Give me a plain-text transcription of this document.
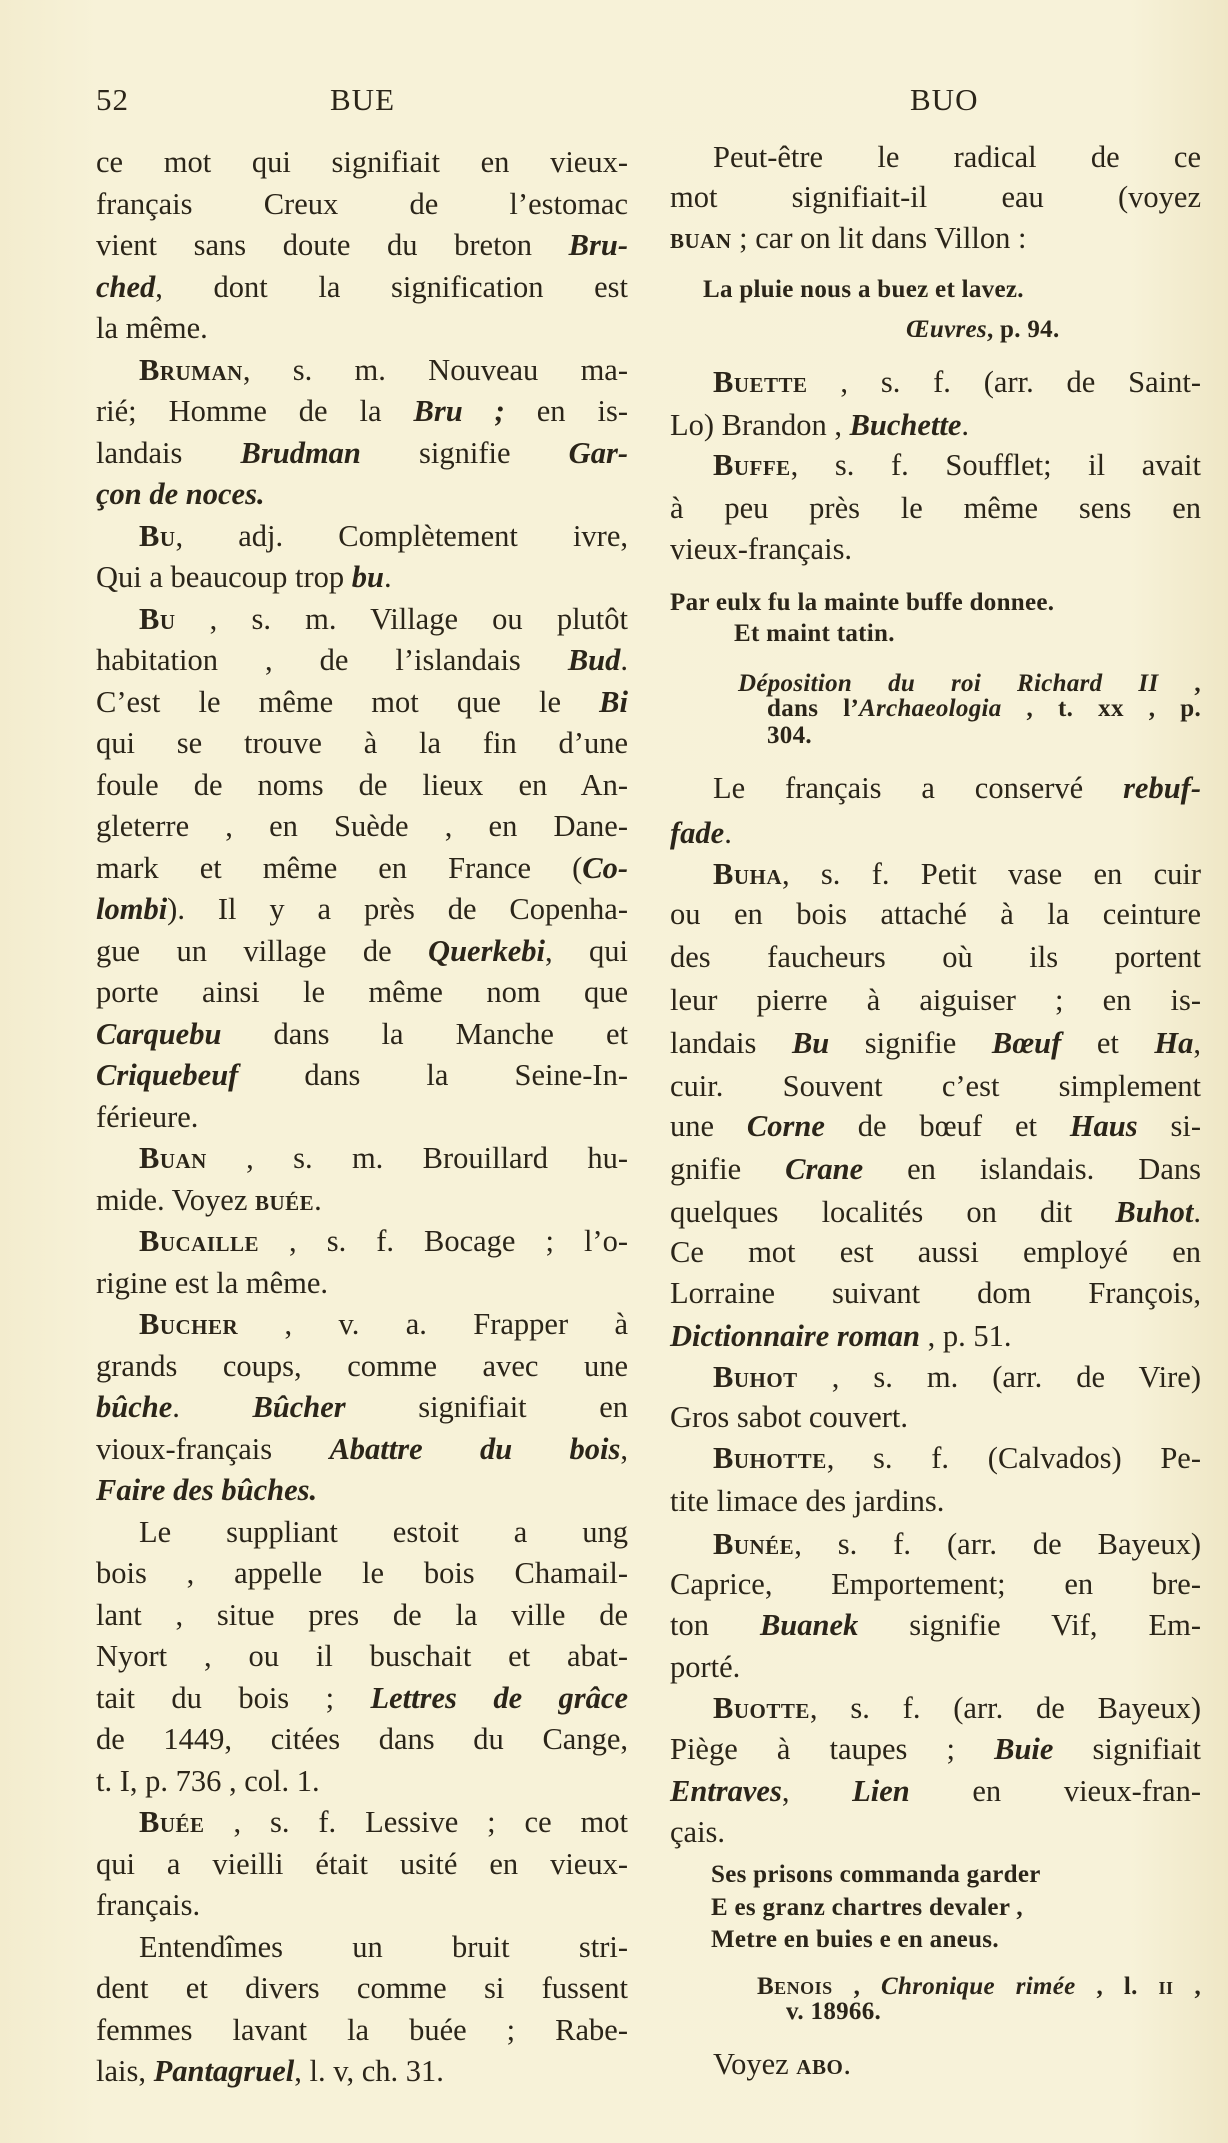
52	BUE	BUO
ce mot qui signifiait en vieux-
français Creux de l’estomac
vient sans doute du breton Bru-
ched, dont la signification est
la même.
Bruman, s. m. Nouveau ma-
rié; Homme de la Bru ; en is-
landais Brudman signifie Gar-
çon de noces.
Bu, adj. Complètement ivre,
Qui a beaucoup trop bu.
Bu , s. m. Village ou plutôt
habitation , de l’islandais Bud.
C’est le même mot que le Bi
qui se trouve à la fin d’une
foule de noms de lieux en An-
gleterre , en Suède , en Dane-
mark et même en France (Co-
lombi). Il y a près de Copenha-
gue un village de Querkebi, qui
porte ainsi le même nom que
Carquebu dans la Manche et
Criquebeuf dans la Seine-In-
férieure.
Buan , s. m. Brouillard hu-
mide. Voyez buée.
Bucaille , s. f. Bocage ; l’o-
rigine est la même.
Bucher , v. a. Frapper à
grands coups, comme avec une
bûche. Bûcher signifiait en
vioux-français Abattre du bois,
Faire des bûches.
Le suppliant estoit a ung
bois , appelle le bois Chamail-
lant , situe pres de la ville de
Nyort , ou il buschait et abat-
tait du bois ; Lettres de grâce
de 1449, citées dans du Cange,
t. I, p. 736 , col. 1.
Buée , s. f. Lessive ; ce mot
qui a vieilli était usité en vieux-
français.
Entendîmes un bruit stri-
dent et divers comme si fussent
femmes lavant la buée ; Rabe-
lais, Pantagruel, l. v, ch. 31.
Peut-être le radical de ce
mot signifiait-il eau (voyez
buan ; car on lit dans Villon :
La pluie nous a buez et lavez.
Œuvres, p. 94.
Buette , s. f. (arr. de Saint-
Lo) Brandon , Buchette.
Buffe, s. f. Soufflet; il avait
à peu près le même sens en
vieux-français.
Par eulx fu la mainte buffe donnee.
Et maint tatin.
Déposition du roi Richard II ,
dans l’Archaeologia , t. xx , p.
304.
Le français a conservé rebuf-
fade.
Buha, s. f. Petit vase en cuir
ou en bois attaché à la ceinture
des faucheurs où ils portent
leur pierre à aiguiser ; en is-
landais Bu signifie Bœuf et Ha,
cuir. Souvent c’est simplement
une Corne de bœuf et Haus si-
gnifie Crane en islandais. Dans
quelques localités on dit Buhot.
Ce mot est aussi employé en
Lorraine suivant dom François,
Dictionnaire roman , p. 51.
Buhot , s. m. (arr. de Vire)
Gros sabot couvert.
Buhotte, s. f. (Calvados) Pe-
tite limace des jardins.
Bunée, s. f. (arr. de Bayeux)
Caprice, Emportement; en bre-
ton Buanek signifie Vif, Em-
porté.
Buotte, s. f. (arr. de Bayeux)
Piège à taupes ; Buie signifiait
Entraves, Lien en vieux-fran-
çais.
Ses prisons commanda garder
E es granz chartres devaler ,
Metre en buies e en aneus.
Benois , Chronique rimée , l. ii ,
v. 18966.
Voyez abo.
